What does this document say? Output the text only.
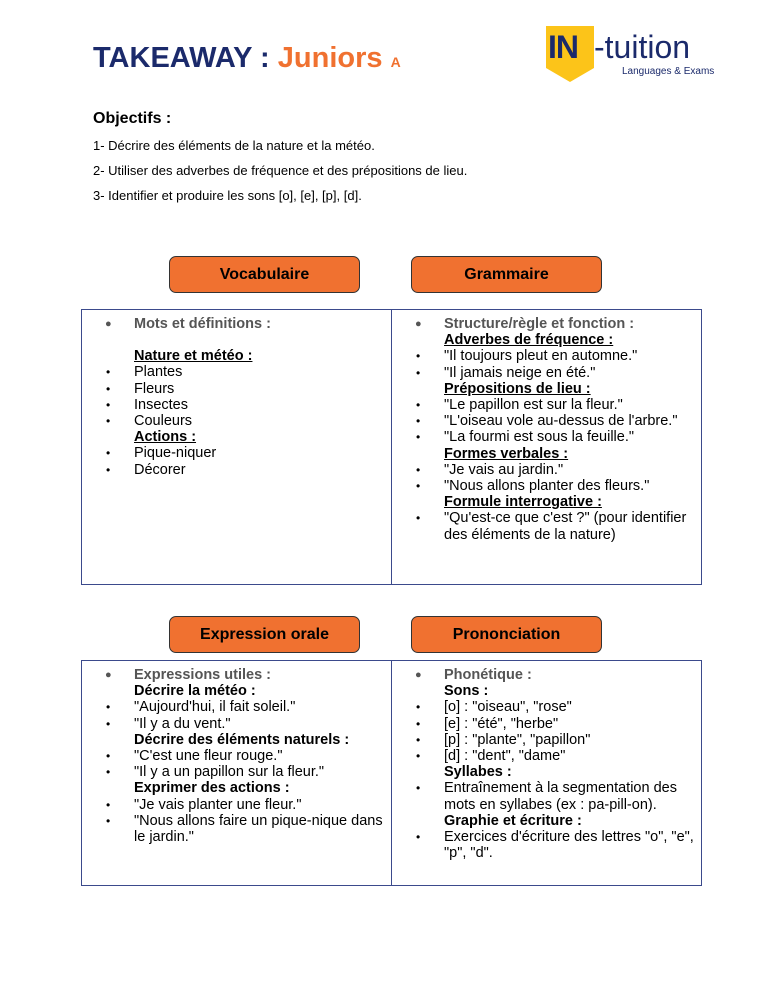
TAKEAWAY : Juniors A	IN -tuition
Languages & Exams
Objectifs :
1- Décrire des éléments de la nature et la météo.
2- Utiliser des adverbes de fréquence et des prépositions de lieu.
3- Identifier et produire les sons [o], [e], [p], [d].
Vocabulaire	Grammaire
● Mots et définitions :
Nature et météo :
• Plantes
• Fleurs
• Insectes
• Couleurs
Actions :
• Pique-niquer
• Décorer
● Structure/règle et fonction :
Adverbes de fréquence :
• "Il toujours pleut en automne."
• "Il jamais neige en été."
Prépositions de lieu :
• "Le papillon est sur la fleur."
• "L'oiseau vole au-dessus de l'arbre."
• "La fourmi est sous la feuille."
Formes verbales :
• "Je vais au jardin."
• "Nous allons planter des fleurs."
Formule interrogative :
• "Qu'est-ce que c'est ?" (pour identifier des éléments de la nature)
Expression orale	Prononciation
● Expressions utiles :
Décrire la météo :
• "Aujourd'hui, il fait soleil."
• "Il y a du vent."
Décrire des éléments naturels :
• "C'est une fleur rouge."
• "Il y a un papillon sur la fleur."
Exprimer des actions :
• "Je vais planter une fleur."
• "Nous allons faire un pique-nique dans le jardin."
● Phonétique :
Sons :
• [o] : "oiseau", "rose"
• [e] : "été", "herbe"
• [p] : "plante", "papillon"
• [d] : "dent", "dame"
Syllabes :
• Entraînement à la segmentation des mots en syllabes (ex : pa-pill-on).
Graphie et écriture :
• Exercices d'écriture des lettres "o", "e", "p", "d".
